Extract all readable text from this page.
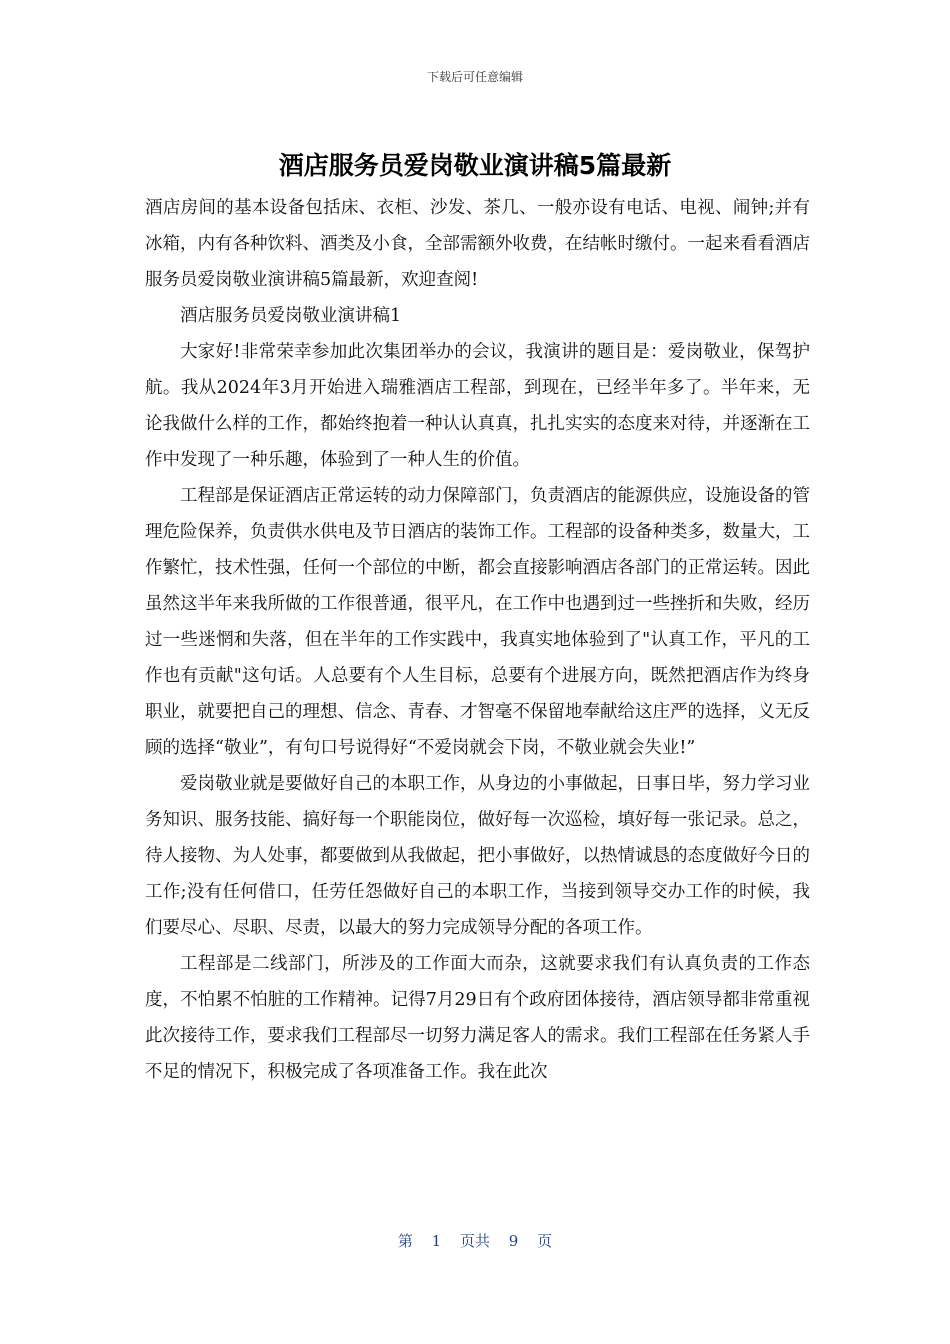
下载后可任意编辑
酒店服务员爱岗敬业演讲稿5篇最新

酒店房间的基本设备包括床、衣柜、沙发、茶几、一般亦设有电话、电视、闹钟;并有冰箱，内有各种饮料、酒类及小食，全部需额外收费，在结帐时缴付。一起来看看酒店服务员爱岗敬业演讲稿5篇最新，欢迎查阅!

酒店服务员爱岗敬业演讲稿1

大家好!非常荣幸参加此次集团举办的会议，我演讲的题目是：爱岗敬业，保驾护航。我从2024年3月开始进入瑞雅酒店工程部，到现在，已经半年多了。半年来，无论我做什么样的工作，都始终抱着一种认认真真，扎扎实实的态度来对待，并逐渐在工作中发现了一种乐趣，体验到了一种人生的价值。

工程部是保证酒店正常运转的动力保障部门，负责酒店的能源供应，设施设备的管理危险保养，负责供水供电及节日酒店的装饰工作。工程部的设备种类多，数量大，工作繁忙，技术性强，任何一个部位的中断，都会直接影响酒店各部门的正常运转。因此虽然这半年来我所做的工作很普通，很平凡，在工作中也遇到过一些挫折和失败，经历过一些迷惘和失落，但在半年的工作实践中，我真实地体验到了"认真工作，平凡的工作也有贡献"这句话。人总要有个人生目标，总要有个进展方向，既然把酒店作为终身职业，就要把自己的理想、信念、青春、才智毫不保留地奉献给这庄严的选择，义无反顾的选择“敬业”，有句口号说得好“不爱岗就会下岗，不敬业就会失业!”

爱岗敬业就是要做好自己的本职工作，从身边的小事做起，日事日毕，努力学习业务知识、服务技能、搞好每一个职能岗位，做好每一次巡检，填好每一张记录。总之，待人接物、为人处事，都要做到从我做起，把小事做好，以热情诚恳的态度做好今日的工作;没有任何借口，任劳任怨做好自己的本职工作，当接到领导交办工作的时候，我们要尽心、尽职、尽责，以最大的努力完成领导分配的各项工作。

工程部是二线部门，所涉及的工作面大而杂，这就要求我们有认真负责的工作态度，不怕累不怕脏的工作精神。记得7月29日有个政府团体接待，酒店领导都非常重视此次接待工作，要求我们工程部尽一切努力满足客人的需求。我们工程部在任务紧人手不足的情况下，积极完成了各项准备工作。我在此次

第 1 页共 9 页
